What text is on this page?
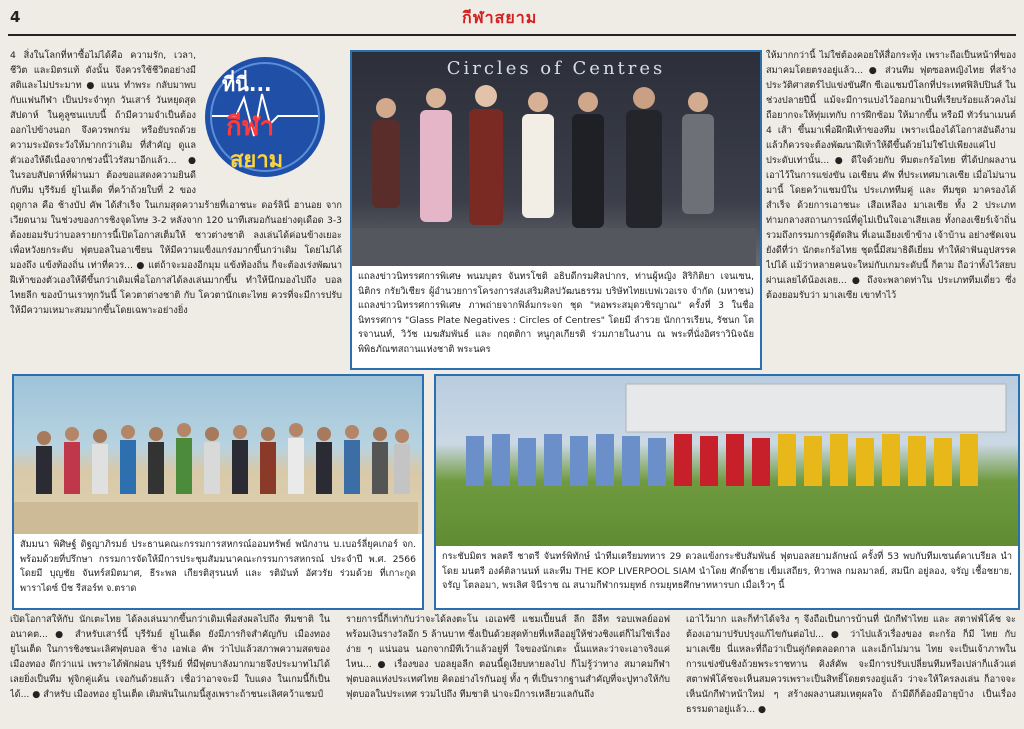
4	กีฬาสยาม

4 สิ่งในโลกที่หาซื้อไม่ได้คือ ความรัก, เวลา, ชีวิต และมิตรแท้ ดังนั้น จึงควรใช้ชีวิตอย่างมีสติและไม่ประมาท ● แนน ทำพระ กลับมาพบกับแฟนกีฬา เป็นประจำทุก วันเสาร์ วันหยุดสุดสัปดาห์ ในคูลูซนแบบนี้ ถ้ามีความจำเป็นต้องออกไปข้างนอก จึงควรพกร่ม หรือยับรถด้วย ความระมัดระวังให้มากกว่าเดิม ที่สำคัญ ดูแลตัวเองให้ดีเนื่องจากช่วงนี้ไวรัสมาอีกแล้ว... ● ในรอบสัปดาห์ที่ผ่านมา ต้องขอแสดงความยินดีกับทีม บุรีรัมย์ ยูไนเต็ด ที่คว้าถ้วยใบที่ 2 ของฤดูกาล คือ ช้างบัป คัพ ได้สำเร็จ ในเกมสุดความร้ายที่เอาชนะ ดอร์ลินี่ ฮานอย จากเวียดนาม ในช่วงของการชิงจุดโทษ 3-2 หลังจาก 120 นาทีเสมอกันอย่างดุเดือด 3-3 ต้องยอมรับว่าบอลรายการนี้เปิดโอกาสเต็มให้ ชาวต่างชาติ ลงเล่นได้ค่อนข้างเยอะ เพื่อหวังยกระดับ ฟุตบอลในอาเซียน ให้มีความแข็งแกร่งมากขึ้นกว่าเดิม โดยไม่ได้มองถึง แข้งท้องถิ่น เท่าที่ควร... ● แต่ถ้าจะมองอีกมุม แข้งท้องถิ่น ก็จะต้องเร่งพัฒนาฝีเท้าของตัวเองให้ดีขึ้นกว่าเดิมเพื่อโอกาสได้ลงเล่นมากขึ้น ทำให้นึกมองไปถึง บอลไทยลีก ของบ้านเราทุกวันนี้ โควตาต่างชาติ กับ โควตานักเตะไทย ควรที่จะมีการปรับให้มีความเหมาะสมมากขึ้นโดยเฉพาะอย่างยิ่ง

ที่นี่...
กีฬา
สยาม
Circles of Centres
แถลงข่าวนิทรรศการพิเศษ พนมบุตร จันทรโชติ อธิบดีกรมศิลปากร, ท่านผู้หญิง สิริกิติยา เจนเซน, นิติกร กรัยวิเชียร ผู้อำนวยการโครงการส่งเสริมศิลปวัฒนธรรม บริษัทไทยเบฟเวอเรจ จำกัด (มหาชน) แถลงข่าวนิทรรศการพิเศษ ภาพถ่ายจากฟิล์มกระจก ชุด "หอพระสมุดวชิรญาณ" ครั้งที่ 3 ในชื่อนิทรรศการ "Glass Plate Negatives : Circles of Centres" โดยมี ลำรวย นักการเรียน, รัชนก โตรจานนท์, วิวัช เมฆสัมพันธ์ และ กฤตติกา หนูกุลเกียรติ ร่วมภายในงาน ณ พระที่นั่งอิศราวินิจฉัย พิพิธภัณฑสถานแห่งชาติ พระนคร

ให้มากกว่านี้ ไม่ใช่ต้องคอยให้สื่อกระทุ้ง เพราะถือเป็นหน้าที่ของสมาคมโดยตรงอยู่แล้ว... ● ส่วนทีม ฟุตซอลหญิงไทย ที่สร้างประวัติศาสตร์ไปแข่งขันศึก ซีเอแชมป์โลกที่ประเทศฟิลิปปินส์ ในช่วงปลายปีนี้ แม้จะมีการแบ่งไว้ออกมาเป็นที่เรียบร้อยแล้วคงไม่ถือยากจะให้ทุ่มเทกับ การฝึกซ้อม ให้มากขึ้น หรือมี ทัวร์นาเมนต์ 4 เส้า ขึ้นมาเพื่อฝึกฝีเท้าของทีม เพราะเนื่องได้โอกาสอันดีงามแล้วก็ควรจะต้องพัฒนาฝีเท้าให้ดีขึ้นด้วยไม่ใช่ไปเพียงแค่ไปประดับเท่านั้น... ● ดีใจด้วยกับ ทีมตะกร้อไทย ที่ได้ปกผลงานเอาไว้ในการแข่งขัน เอเชียน คัพ ที่ประเทศมาเลเซีย เมื่อไม่นานมานี้ โดยคว้าแชมป์ใน ประเภททีมคู่ และ ทีมชุด มาครองได้สำเร็จ ด้วยการเอาชนะ เสือเหลือง มาเลเซีย ทั้ง 2 ประเภท ท่ามกลางสถานการณ์ที่ดูไม่เป็นใจเอาเสียเลย ทั้งกองเชียร์เจ้าถิ่นรวมถึงกรรมการผู้ตัดสิน ที่เอนเอียงเข้าข้าง เจ้าบ้าน อย่างชัดเจน ยังดีที่ว่า นักตะกร้อไทย ชุดนี้มีสมาธิดีเยี่ยม ทำให้ฝ่าฟันอุปสรรคไปได้ แม้ว่าหลายคนจะใหม่กับเกมระดับนี้ ก็ตาม ถือว่าทั้งไว้สยบผ่านเลยได้น้องเลย... ● ถึงจะพลาดท่าใน ประเภททีมเดี่ยว ซึ่งต้องยอมรับว่า มาเลเซีย เขาทำไว้

สัมมนา พิศิษฐ์ ดิฐญาภิรมย์ ประธานคณะกรรมการสหกรณ์ออมทรัพย์ พนักงาน บ.เบอร์ลี่ยุคเกอร์ จก. พร้อมด้วยที่ปรึกษา กรรมการจัดให้มีการประชุมสัมมนาคณะกรรมการสหกรณ์ ประจำปี พ.ศ. 2566 โดยมี บุญชัย จันทร์สมิตมาศ, ธีระพล เกียรติสุรนนท์ และ รติมันท์ อัศวรัย ร่วมด้วย ที่เกาะกูด พาราไดซ์ บีช รีสอร์ท จ.ตราด
กระชับมิตร พลตรี ชาตรี จันทร์พิทักษ์ นำทีมเตรียมทหาร 29 ดวลแข้งกระชับสัมพันธ์ ฟุตบอลสยามลักษณ์ ครั้งที่ 53 พบกับทีมเซนต์คาเบรียล นำโดย มนตรี องค์ติลานนท์ และทีม THE KOP LIVERPOOL SIAM นำโดย ศักดิ์ชาย เข็มเสถียร, ทิวาพล กมลมาลย์, สมนึก อยู่ลอง, จรัญ เชื้อชยาย, จรัญ โตลอมา, พรเลิศ จินีราช ณ สนามกีฬากรมยุทธ์ กรมยุทธศึกษาทหารบก เมื่อเร็วๆ นี้

เปิดโอกาสให้กับ นักเตะไทย ได้ลงเล่นมากขึ้นกว่าเดิมเพื่อส่งผลไปถึง ทีมชาติ ในอนาคต... ● สำหรับเสาร์นี้ บุรีรัมย์ ยูไนเต็ด ยังมีภารกิจสำคัญกับ เมืองทอง ยูไนเต็ด ในการชิงชนะเลิศฟุตบอล ช้าง เอฟเอ คัพ ว่าไปแล้วสภาพความสดของ เมืองทอง ดีกว่าแน่ เพราะได้พักผ่อน บุรีรัมย์ ที่มีฟุตบาลังมากมายจึงประมาทไม่ได้เลยยิ่งเป็นทีม ฟูจิกคู่แค้น เจอกันด้วยแล้ว เชื่อว่าอาจจะมี ใบแดง ในเกมนี้ก็เป็นได้... ● สำหรับ เมืองทอง ยูไนเต็ด เติมพันในเกมนี้สูงเพราะถ้าชนะเลิศคว้าแชมป์

รายการนี้ก็เท่ากับว่าจะได้ลงตะโน เอเอฟซี แชมเปี้ยนส์ ลีก อีลีท รอบเพลย์ออฟ พร้อมเงินรางวัลอีก 5 ล้านบาท ซึ่งเป็นด้วยสุดท้ายที่เหลืออยู่ให้ช่วงชิงแต่ก็ไม่ใช่เรื่องง่าย ๆ แน่นอน นอกจากมีทีเว้าแล้วอยู่ที่ ใจของนักเตะ นั้นแหละว่าจะเอาจริงแค่ไหน... ● เรื่องของ บอลยุอลีก ตอนนี้ดูเงียบหายลงไป ก็ไม่รู้ว่าทาง สมาคมกีฬาฟุตบอลแห่งประเทศไทย คิดอย่างไรกันอยู่ ทั้ง ๆ ที่เป็นรากฐานสำคัญที่จะปูทางให้กับ ฟุตบอลในประเทศ รวมไปถึง ทีมชาติ น่าจะมีการเหลียวแลกันถึง

เอาไว้มาก และก็ทำได้จริง ๆ จึงถือเป็นการบ้านที่ นักกีฬาไทย และ สตาฟฟ์โค้ช จะต้องเอามาปรับปรุงแก้ไขกันต่อไป... ● ว่าไปแล้วเรื่องของ ตะกร้อ ก็มี ไทย กับ มาเลเซีย นี่แหละที่ถือว่าเป็นคู่กัดตลอดกาล และเอ็กไม่มาน ไทย จะเป็นเจ้าภาพในการแข่งขันชิงถ้วยพระราชทาน คิงส์คัพ จะมีการปรับเปลี่ยนทีมหรือเปล่าก็แล้วแต่สตาฟฟ์โค้ชจะเห็นสมควรเพราะเป็นสิทธิ์โดยตรงอยู่แล้ว ว่าจะให้ใครลงเล่น ก็อาจจะเห็นนักกีฬาหน้าใหม่ ๆ สร้างผลงานสมเหตุผลใจ ถ้ามีดีก็ต้องมีอายุบ้าง เป็นเรื่องธรรมดาอยู่แล้ว... ●
